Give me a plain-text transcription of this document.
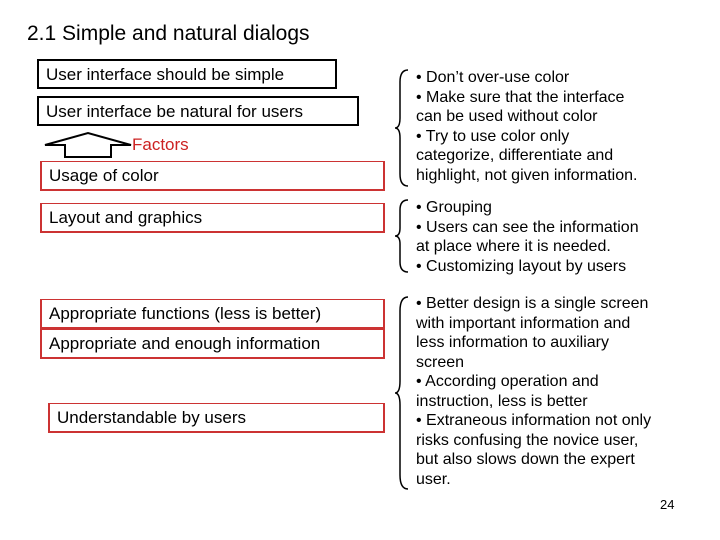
2.1 Simple and natural dialogs
User interface should be simple
User interface be natural for users
Factors
Usage of color
Layout and graphics
Appropriate functions (less is better)
Appropriate and enough information
Understandable by users
• Don’t over-use color
• Make sure that the interface
can be used without color
• Try to use color only
categorize, differentiate and
highlight, not given information.
• Grouping
• Users can see the information
at place where it is needed.
• Customizing layout by users
• Better design is a single screen
with important information and
less information to auxiliary
screen
• According operation and
instruction, less is better
• Extraneous information not only
risks confusing the novice user,
but also slows down the expert
user.
24
